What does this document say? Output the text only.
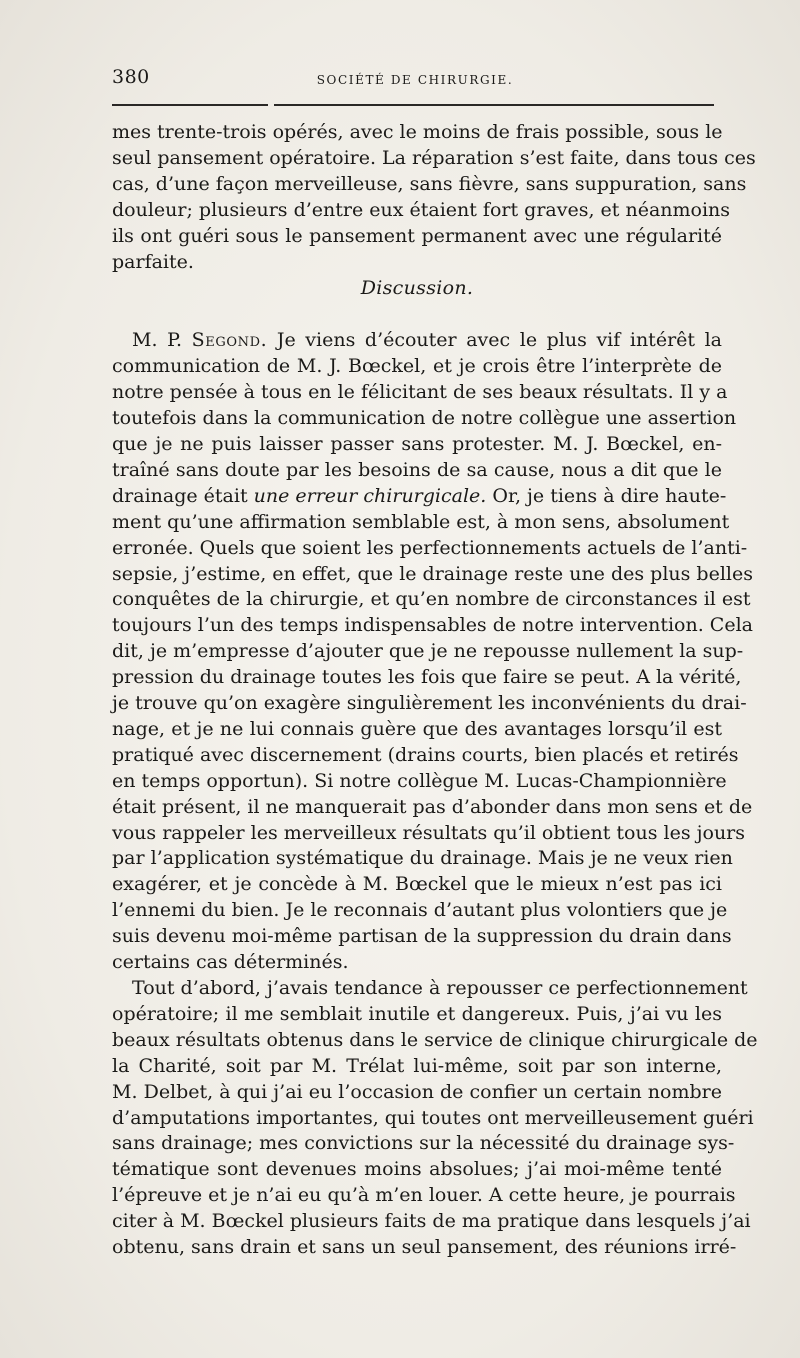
380	SOCIÉTÉ DE CHIRURGIE.

mes trente-trois opérés, avec le moins de frais possible, sous le
seul pansement opératoire. La réparation s’est faite, dans tous ces
cas, d’une façon merveilleuse, sans fièvre, sans suppuration, sans
douleur; plusieurs d’entre eux étaient fort graves, et néanmoins
ils ont guéri sous le pansement permanent avec une régularité
parfaite.

Discussion.

M. P. Segond. Je viens d’écouter avec le plus vif intérêt la
communication de M. J. Bœckel, et je crois être l’interprète de
notre pensée à tous en le félicitant de ses beaux résultats. Il y a
toutefois dans la communication de notre collègue une assertion
que je ne puis laisser passer sans protester. M. J. Bœckel, en-
traîné sans doute par les besoins de sa cause, nous a dit que le
drainage était une erreur chirurgicale. Or, je tiens à dire haute-
ment qu’une affirmation semblable est, à mon sens, absolument
erronée. Quels que soient les perfectionnements actuels de l’anti-
sepsie, j’estime, en effet, que le drainage reste une des plus belles
conquêtes de la chirurgie, et qu’en nombre de circonstances il est
toujours l’un des temps indispensables de notre intervention. Cela
dit, je m’empresse d’ajouter que je ne repousse nullement la sup-
pression du drainage toutes les fois que faire se peut. A la vérité,
je trouve qu’on exagère singulièrement les inconvénients du drai-
nage, et je ne lui connais guère que des avantages lorsqu’il est
pratiqué avec discernement (drains courts, bien placés et retirés
en temps opportun). Si notre collègue M. Lucas-Championnière
était présent, il ne manquerait pas d’abonder dans mon sens et de
vous rappeler les merveilleux résultats qu’il obtient tous les jours
par l’application systématique du drainage. Mais je ne veux rien
exagérer, et je concède à M. Bœckel que le mieux n’est pas ici
l’ennemi du bien. Je le reconnais d’autant plus volontiers que je
suis devenu moi-même partisan de la suppression du drain dans
certains cas déterminés.

Tout d’abord, j’avais tendance à repousser ce perfectionnement
opératoire; il me semblait inutile et dangereux. Puis, j’ai vu les
beaux résultats obtenus dans le service de clinique chirurgicale de
la Charité, soit par M. Trélat lui-même, soit par son interne,
M. Delbet, à qui j’ai eu l’occasion de confier un certain nombre
d’amputations importantes, qui toutes ont merveilleusement guéri
sans drainage; mes convictions sur la nécessité du drainage sys-
tématique sont devenues moins absolues; j’ai moi-même tenté
l’épreuve et je n’ai eu qu’à m’en louer. A cette heure, je pourrais
citer à M. Bœckel plusieurs faits de ma pratique dans lesquels j’ai
obtenu, sans drain et sans un seul pansement, des réunions irré-
